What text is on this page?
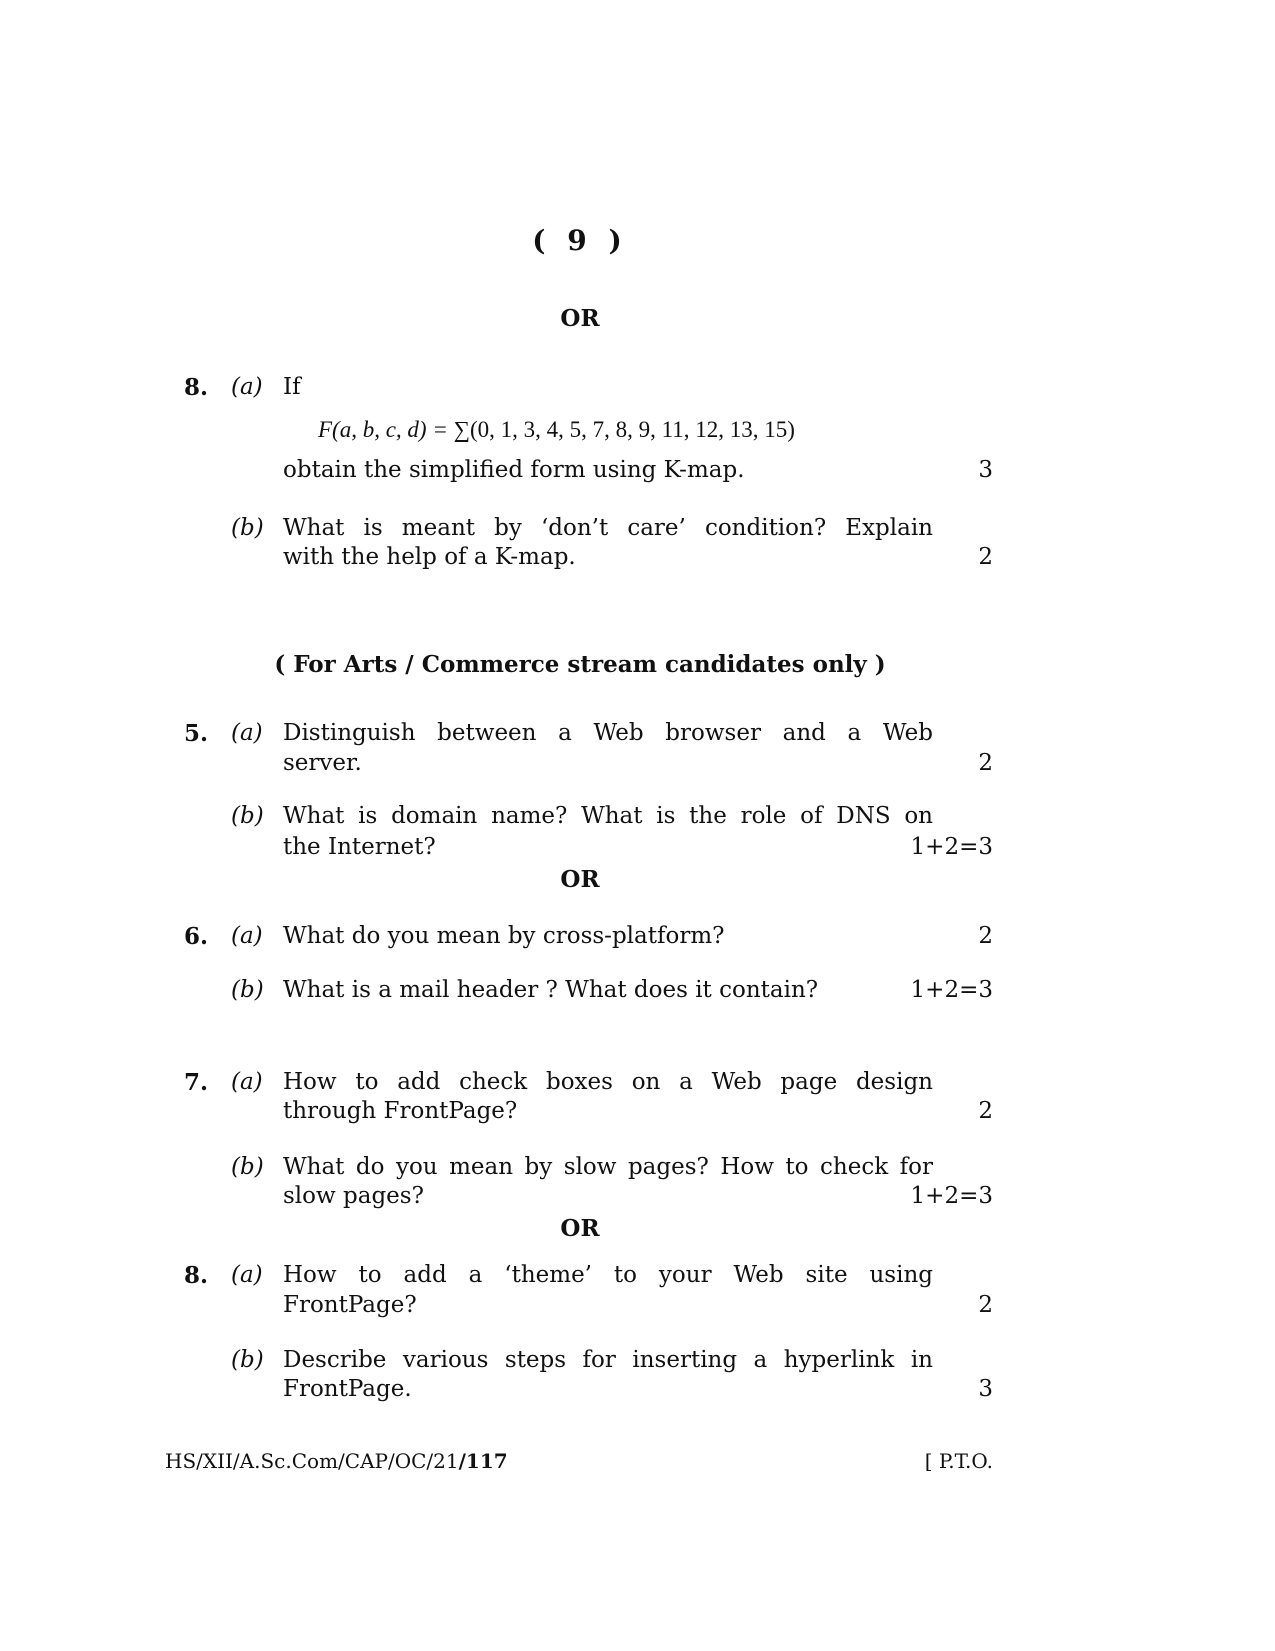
( 9 )
OR
8. (a) If
F(a, b, c, d) = ∑(0, 1, 3, 4, 5, 7, 8, 9, 11, 12, 13, 15)
obtain the simplified form using K-map.	3
(b) What is meant by ‘don’t care’ condition? Explain
with the help of a K-map.	2
( For Arts / Commerce stream candidates only )
5. (a) Distinguish between a Web browser and a Web
server.	2
(b) What is domain name? What is the role of DNS on
the Internet?	1+2=3
OR
6. (a) What do you mean by cross-platform?	2
(b) What is a mail header ? What does it contain?	1+2=3
7. (a) How to add check boxes on a Web page design
through FrontPage?	2
(b) What do you mean by slow pages? How to check for
slow pages?	1+2=3
OR
8. (a) How to add a ‘theme’ to your Web site using
FrontPage?	2
(b) Describe various steps for inserting a hyperlink in
FrontPage.	3
HS/XII/A.Sc.Com/CAP/OC/21/117	[ P.T.O.
